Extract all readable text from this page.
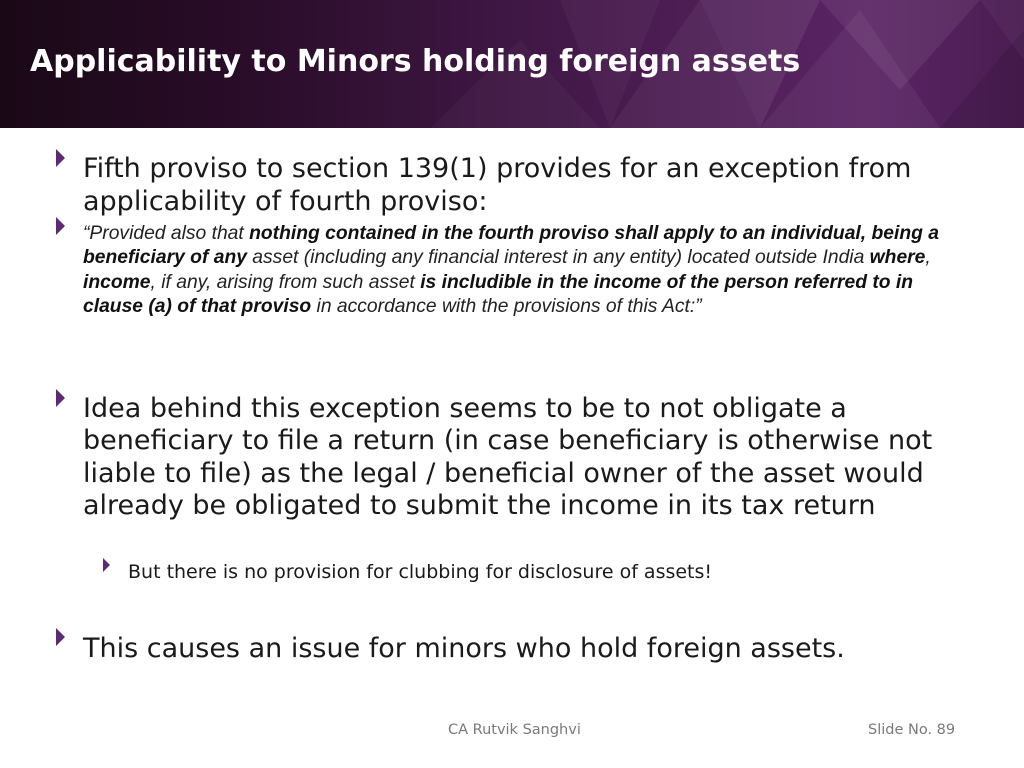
Applicability to Minors holding foreign assets
Fifth proviso to section 139(1) provides for an exception from applicability of fourth proviso:
“Provided also that nothing contained in the fourth proviso shall apply to an individual, being a beneficiary of any asset (including any financial interest in any entity) located outside India where, income, if any, arising from such asset is includible in the income of the person referred to in clause (a) of that proviso in accordance with the provisions of this Act:”
Idea behind this exception seems to be to not obligate a beneficiary to file a return (in case beneficiary is otherwise not liable to file) as the legal / beneficial owner of the asset would already be obligated to submit the income in its tax return
But there is no provision for clubbing for disclosure of assets!
This causes an issue for minors who hold foreign assets.
CA Rutvik Sanghvi	Slide No. 89
